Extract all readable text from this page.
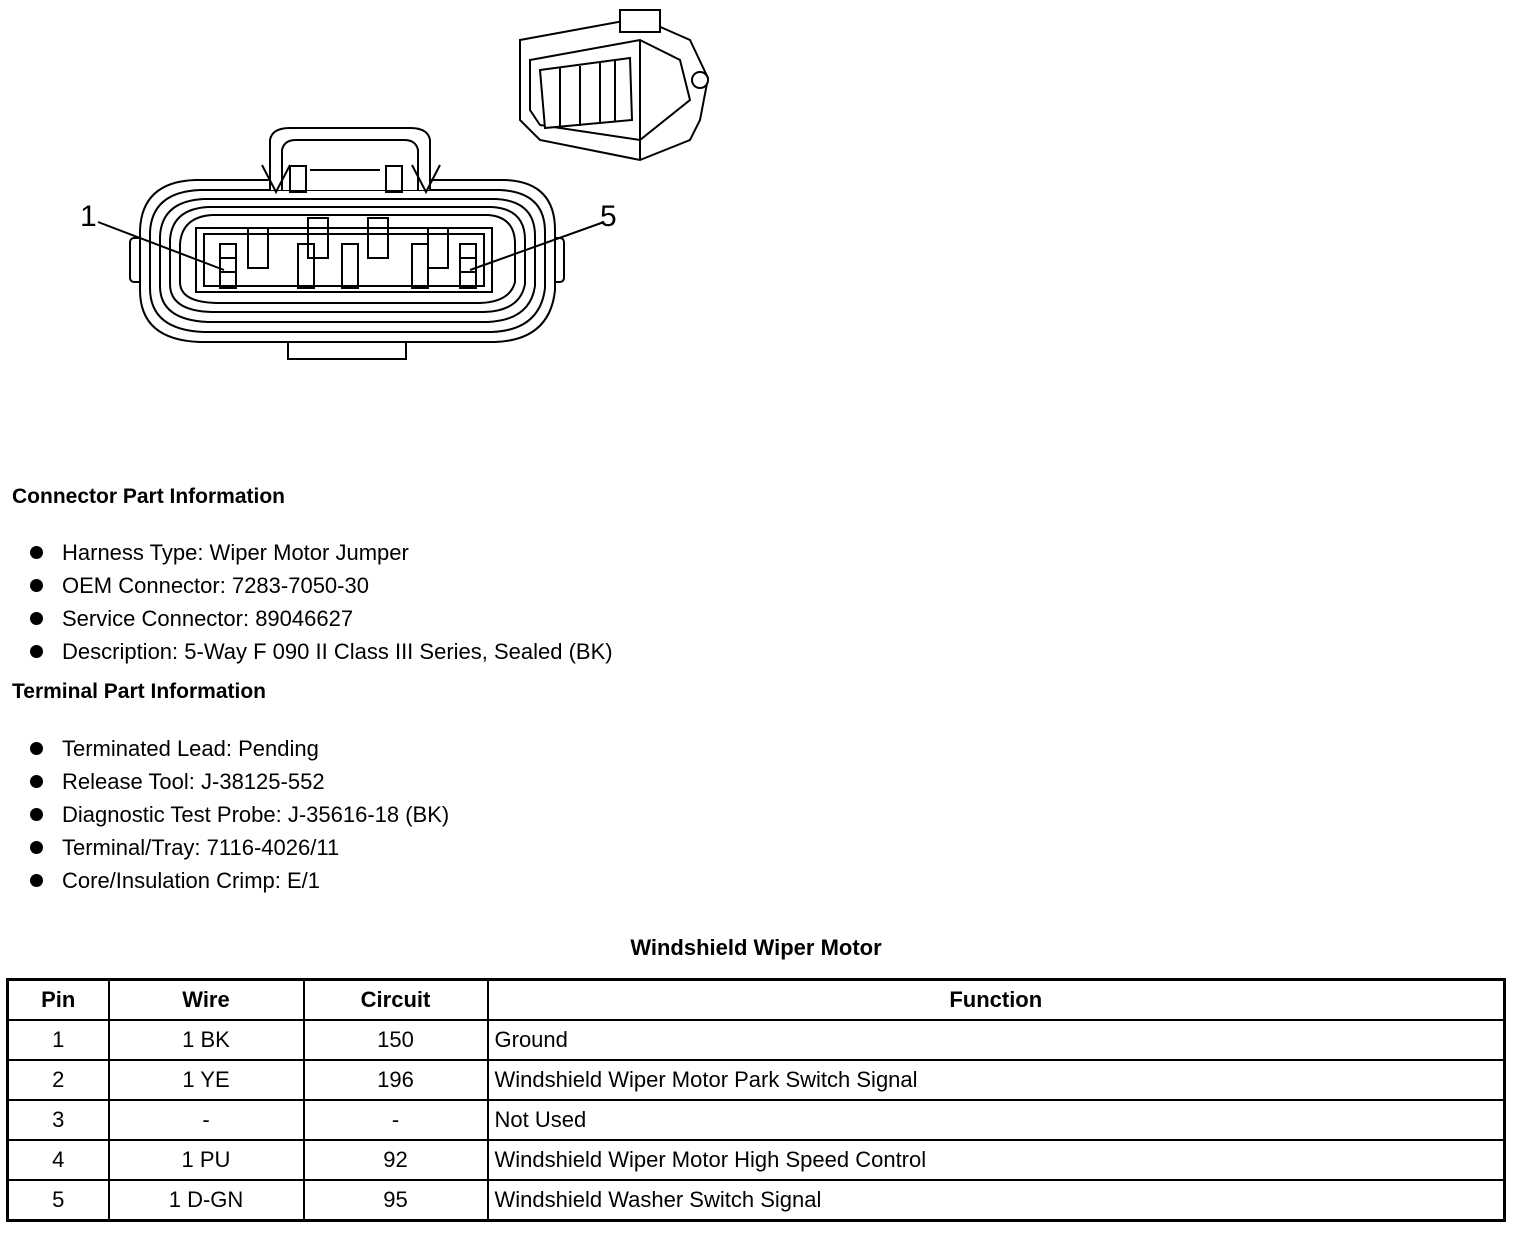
1	5
Connector Part Information
Harness Type: Wiper Motor Jumper
OEM Connector: 7283-7050-30
Service Connector: 89046627
Description: 5-Way F 090 II Class III Series, Sealed (BK)
Terminal Part Information
Terminated Lead: Pending
Release Tool: J-38125-552
Diagnostic Test Probe: J-35616-18 (BK)
Terminal/Tray: 7116-4026/11
Core/Insulation Crimp: E/1
Windshield Wiper Motor
Pin	Wire	Circuit	Function
1	1 BK	150	Ground
2	1 YE	196	Windshield Wiper Motor Park Switch Signal
3	-	-	Not Used
4	1 PU	92	Windshield Wiper Motor High Speed Control
5	1 D-GN	95	Windshield Washer Switch Signal
